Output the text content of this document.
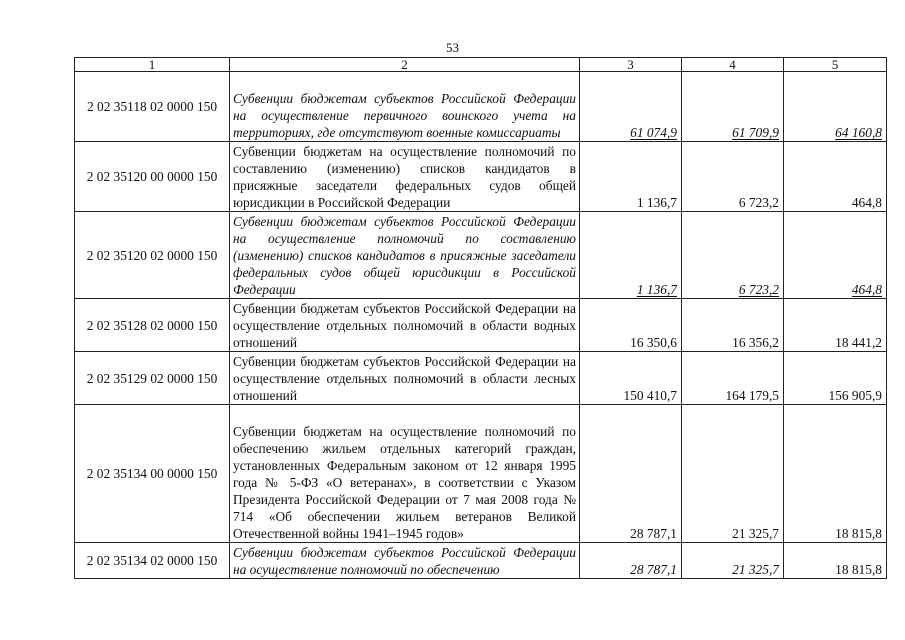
53
1	2	3	4	5
2 02 35118 02 0000 150	Субвенции бюджетам субъектов Российской Федерации на осуществление первичного воинского учета на территориях, где отсутствуют военные комиссариаты	61 074,9	61 709,9	64 160,8
2 02 35120 00 0000 150	Субвенции бюджетам на осуществление полномочий по составлению (изменению) списков кандидатов в присяжные заседатели федеральных судов общей юрисдикции в Российской Федерации	1 136,7	6 723,2	464,8
2 02 35120 02 0000 150	Субвенции бюджетам субъектов Российской Федерации на осуществление полномочий по составлению (изменению) списков кандидатов в присяжные заседатели федеральных судов общей юрисдикции в Российской Федерации	1 136,7	6 723,2	464,8
2 02 35128 02 0000 150	Субвенции бюджетам субъектов Российской Федерации на осуществление отдельных полномочий в области водных отношений	16 350,6	16 356,2	18 441,2
2 02 35129 02 0000 150	Субвенции бюджетам субъектов Российской Федерации на осуществление отдельных полномочий в области лесных отношений	150 410,7	164 179,5	156 905,9
2 02 35134 00 0000 150	Субвенции бюджетам на осуществление полномочий по обеспечению жильем отдельных категорий граждан, установленных Федеральным законом от 12 января 1995 года № 5-ФЗ «О ветеранах», в соответствии с Указом Президента Российской Федерации от 7 мая 2008 года № 714 «Об обеспечении жильем ветеранов Великой Отечественной войны 1941–1945 годов»	28 787,1	21 325,7	18 815,8
2 02 35134 02 0000 150	Субвенции бюджетам субъектов Российской Федерации на осуществление полномочий по обеспечению	28 787,1	21 325,7	18 815,8
